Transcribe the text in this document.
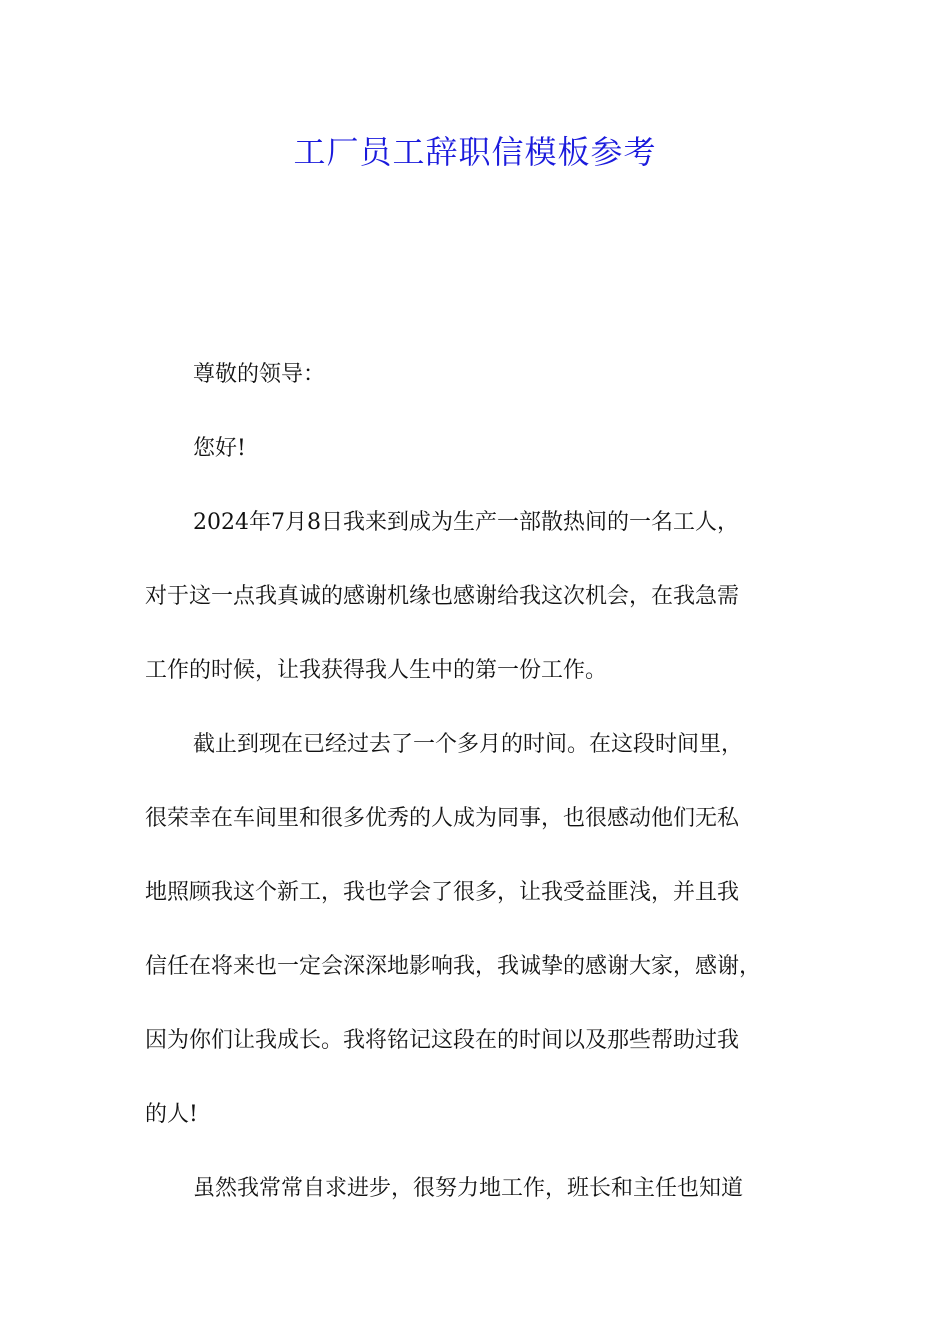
工厂员工辞职信模板参考

尊敬的领导：

您好!

2024年7月8日我来到成为生产一部散热间的一名工人，

对于这一点我真诚的感谢机缘也感谢给我这次机会，在我急需

工作的时候，让我获得我人生中的第一份工作。

截止到现在已经过去了一个多月的时间。在这段时间里，

很荣幸在车间里和很多优秀的人成为同事，也很感动他们无私

地照顾我这个新工，我也学会了很多，让我受益匪浅，并且我

信任在将来也一定会深深地影响我，我诚挚的感谢大家，感谢，

因为你们让我成长。我将铭记这段在的时间以及那些帮助过我

的人!

虽然我常常自求进步，很努力地工作，班长和主任也知道
